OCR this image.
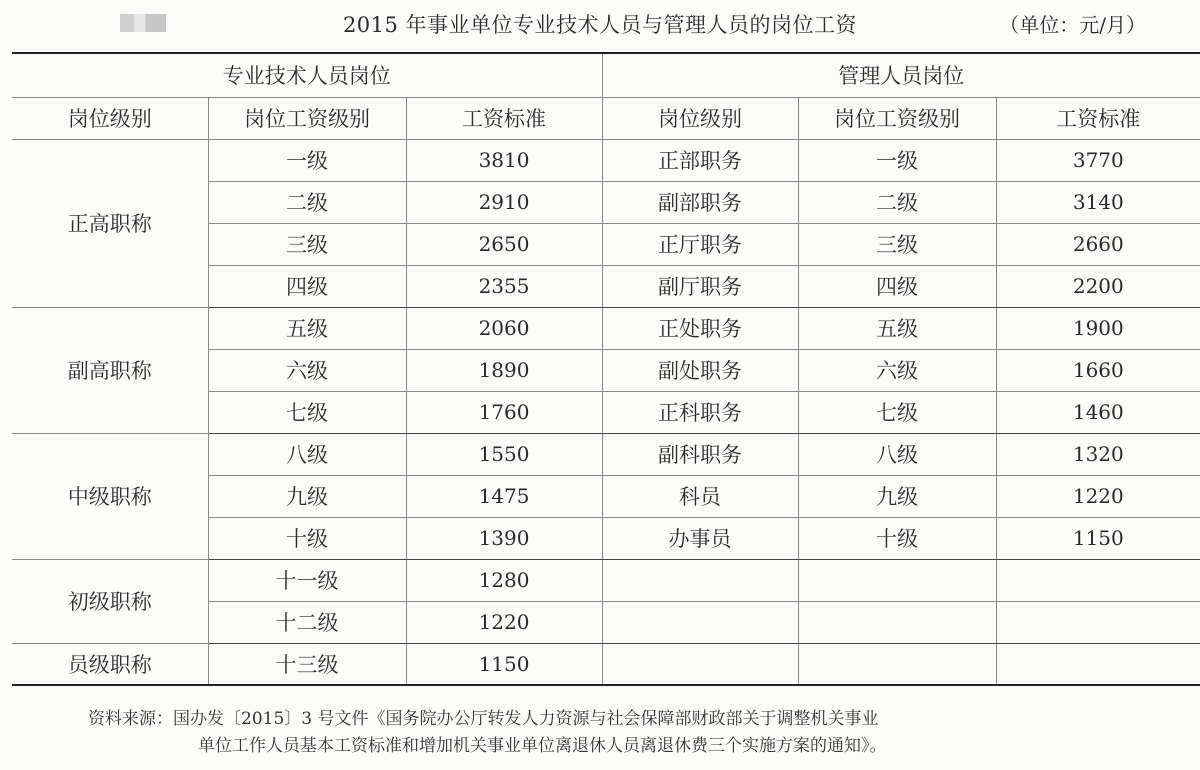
2015 年事业单位专业技术人员与管理人员的岗位工资	（单位：元/月）
专业技术人员岗位			管理人员岗位		
岗位级别	岗位工资级别	工资标准	岗位级别	岗位工资级别	工资标准
正高职称	一级	3810	正部职务	一级	3770
	二级	2910	副部职务	二级	3140
	三级	2650	正厅职务	三级	2660
	四级	2355	副厅职务	四级	2200
副高职称	五级	2060	正处职务	五级	1900
	六级	1890	副处职务	六级	1660
	七级	1760	正科职务	七级	1460
中级职称	八级	1550	副科职务	八级	1320
	九级	1475	科员	九级	1220
	十级	1390	办事员	十级	1150
初级职称	十一级	1280			
	十二级	1220			
员级职称	十三级	1150			
资料来源：国办发〔2015〕3 号文件《国务院办公厅转发人力资源与社会保障部财政部关于调整机关事业
单位工作人员基本工资标准和增加机关事业单位离退休人员离退休费三个实施方案的通知》。
